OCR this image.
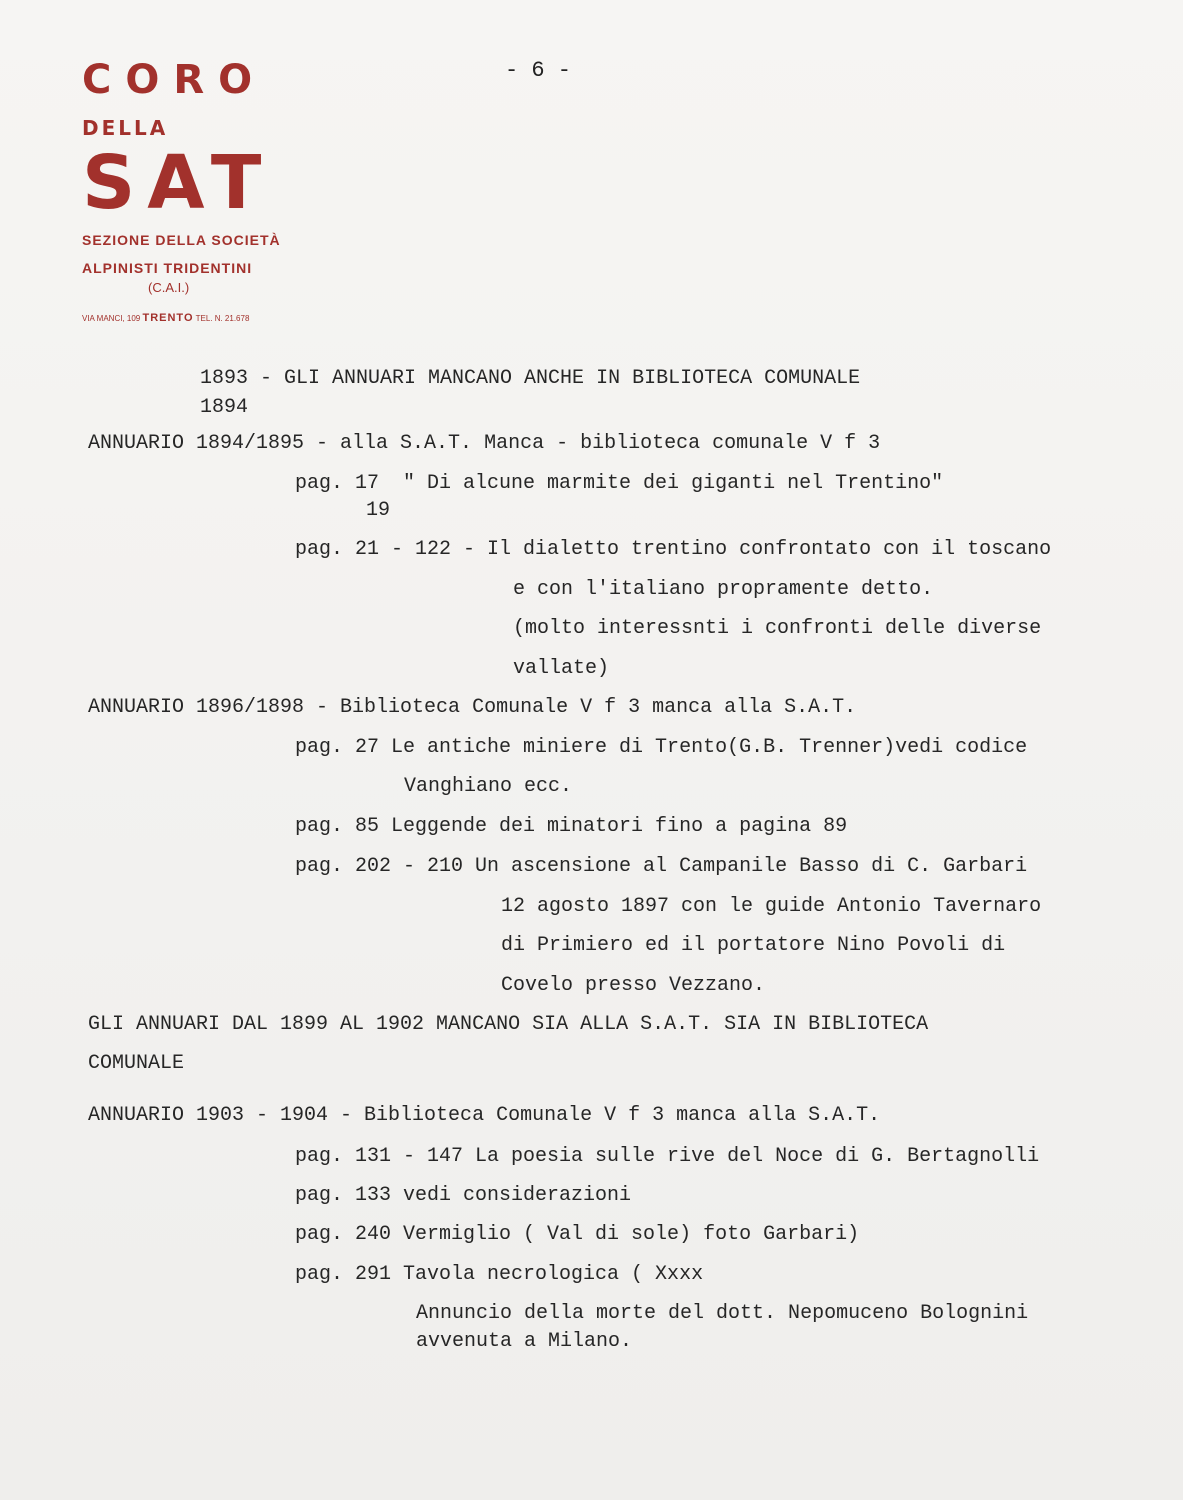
CORO
DELLA
SAT
SEZIONE DELLA SOCIETÀ
ALPINISTI TRIDENTINI
(C.A.I.)
VIA MANCI, 109 TRENTO TEL. N. 21.678
- 6 -
1893 - GLI ANNUARI MANCANO ANCHE IN BIBLIOTECA COMUNALE
1894
ANNUARIO 1894/1895 - alla S.A.T. Manca - biblioteca comunale V f 3
pag. 17  " Di alcune marmite dei giganti nel Trentino"
19
pag. 21 - 122 - Il dialetto trentino confrontato con il toscano
e con l'italiano propramente detto.
(molto interessnti i confronti delle diverse
vallate)
ANNUARIO 1896/1898 - Biblioteca Comunale V f 3 manca alla S.A.T.
pag. 27 Le antiche miniere di Trento(G.B. Trenner)vedi codice
Vanghiano ecc.
pag. 85 Leggende dei minatori fino a pagina 89
pag. 202 - 210 Un ascensione al Campanile Basso di C. Garbari
12 agosto 1897 con le guide Antonio Tavernaro
di Primiero ed il portatore Nino Povoli di
Covelo presso Vezzano.
GLI ANNUARI DAL 1899 AL 1902 MANCANO SIA ALLA S.A.T. SIA IN BIBLIOTECA
COMUNALE
ANNUARIO 1903 - 1904 - Biblioteca Comunale V f 3 manca alla S.A.T.
pag. 131 - 147 La poesia sulle rive del Noce di G. Bertagnolli
pag. 133 vedi considerazioni
pag. 240 Vermiglio ( Val di sole) foto Garbari)
pag. 291 Tavola necrologica ( Xxxx
Annuncio della morte del dott. Nepomuceno Bolognini
avvenuta a Milano.
